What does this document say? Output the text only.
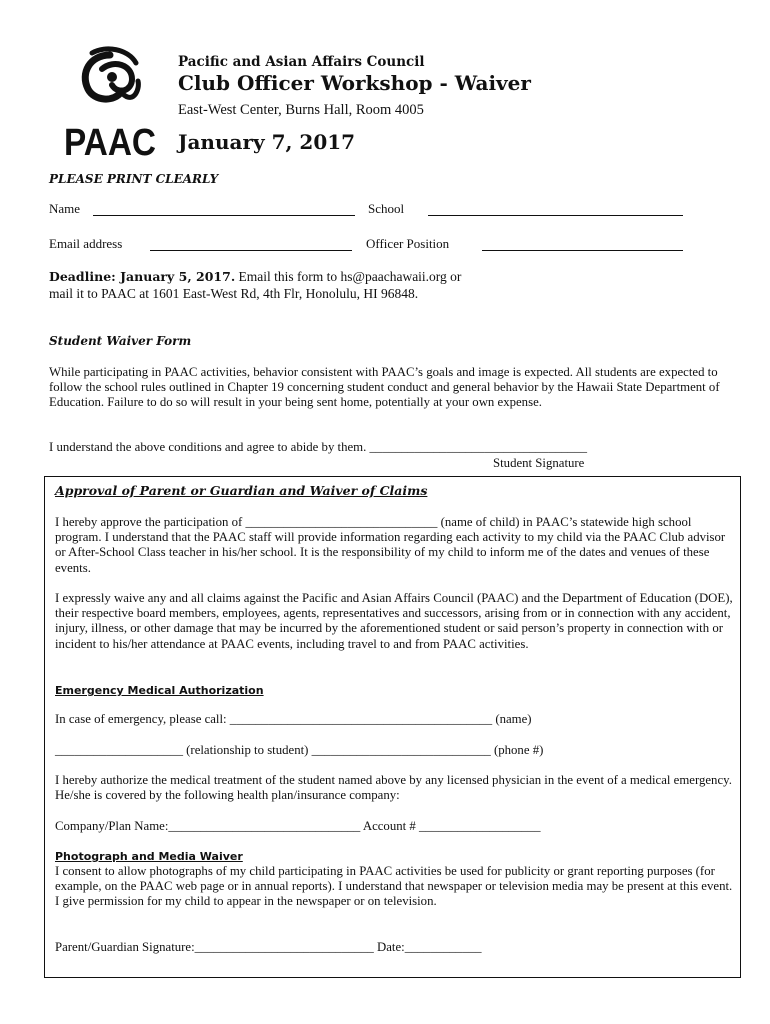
PAAC
Pacific and Asian Affairs Council
Club Officer Workshop - Waiver
East-West Center, Burns Hall, Room 4005
January 7, 2017
PLEASE PRINT CLEARLY
Name	School
Email address	Officer Position
Deadline: January 5, 2017. Email this form to hs@paachawaii.org or
mail it to PAAC at 1601 East-West Rd, 4th Flr, Honolulu, HI 96848.
Student Waiver Form
While participating in PAAC activities, behavior consistent with PAAC’s goals and image is expected. All students are expected to follow the school rules outlined in Chapter 19 concerning student conduct and general behavior by the Hawaii State Department of Education. Failure to do so will result in your being sent home, potentially at your own expense.
I understand the above conditions and agree to abide by them. __________________________________
Student Signature
Approval of Parent or Guardian and Waiver of Claims
I hereby approve the participation of ______________________________ (name of child) in PAAC’s statewide high school program. I understand that the PAAC staff will provide information regarding each activity to my child via the PAAC Club advisor or After-School Class teacher in his/her school. It is the responsibility of my child to inform me of the dates and venues of these events.
I expressly waive any and all claims against the Pacific and Asian Affairs Council (PAAC) and the Department of Education (DOE), their respective board members, employees, agents, representatives and successors, arising from or in connection with any accident, injury, illness, or other damage that may be incurred by the aforementioned student or said person’s property in connection with or incident to his/her attendance at PAAC events, including travel to and from PAAC activities.
Emergency Medical Authorization
In case of emergency, please call: _________________________________________ (name)
____________________ (relationship to student) ____________________________ (phone #)
I hereby authorize the medical treatment of the student named above by any licensed physician in the event of a medical emergency. He/she is covered by the following health plan/insurance company:
Company/Plan Name:______________________________ Account # ___________________
Photograph and Media Waiver
I consent to allow photographs of my child participating in PAAC activities be used for publicity or grant reporting purposes (for example, on the PAAC web page or in annual reports). I understand that newspaper or television media may be present at this event. I give permission for my child to appear in the newspaper or on television.
Parent/Guardian Signature:____________________________ Date:____________
